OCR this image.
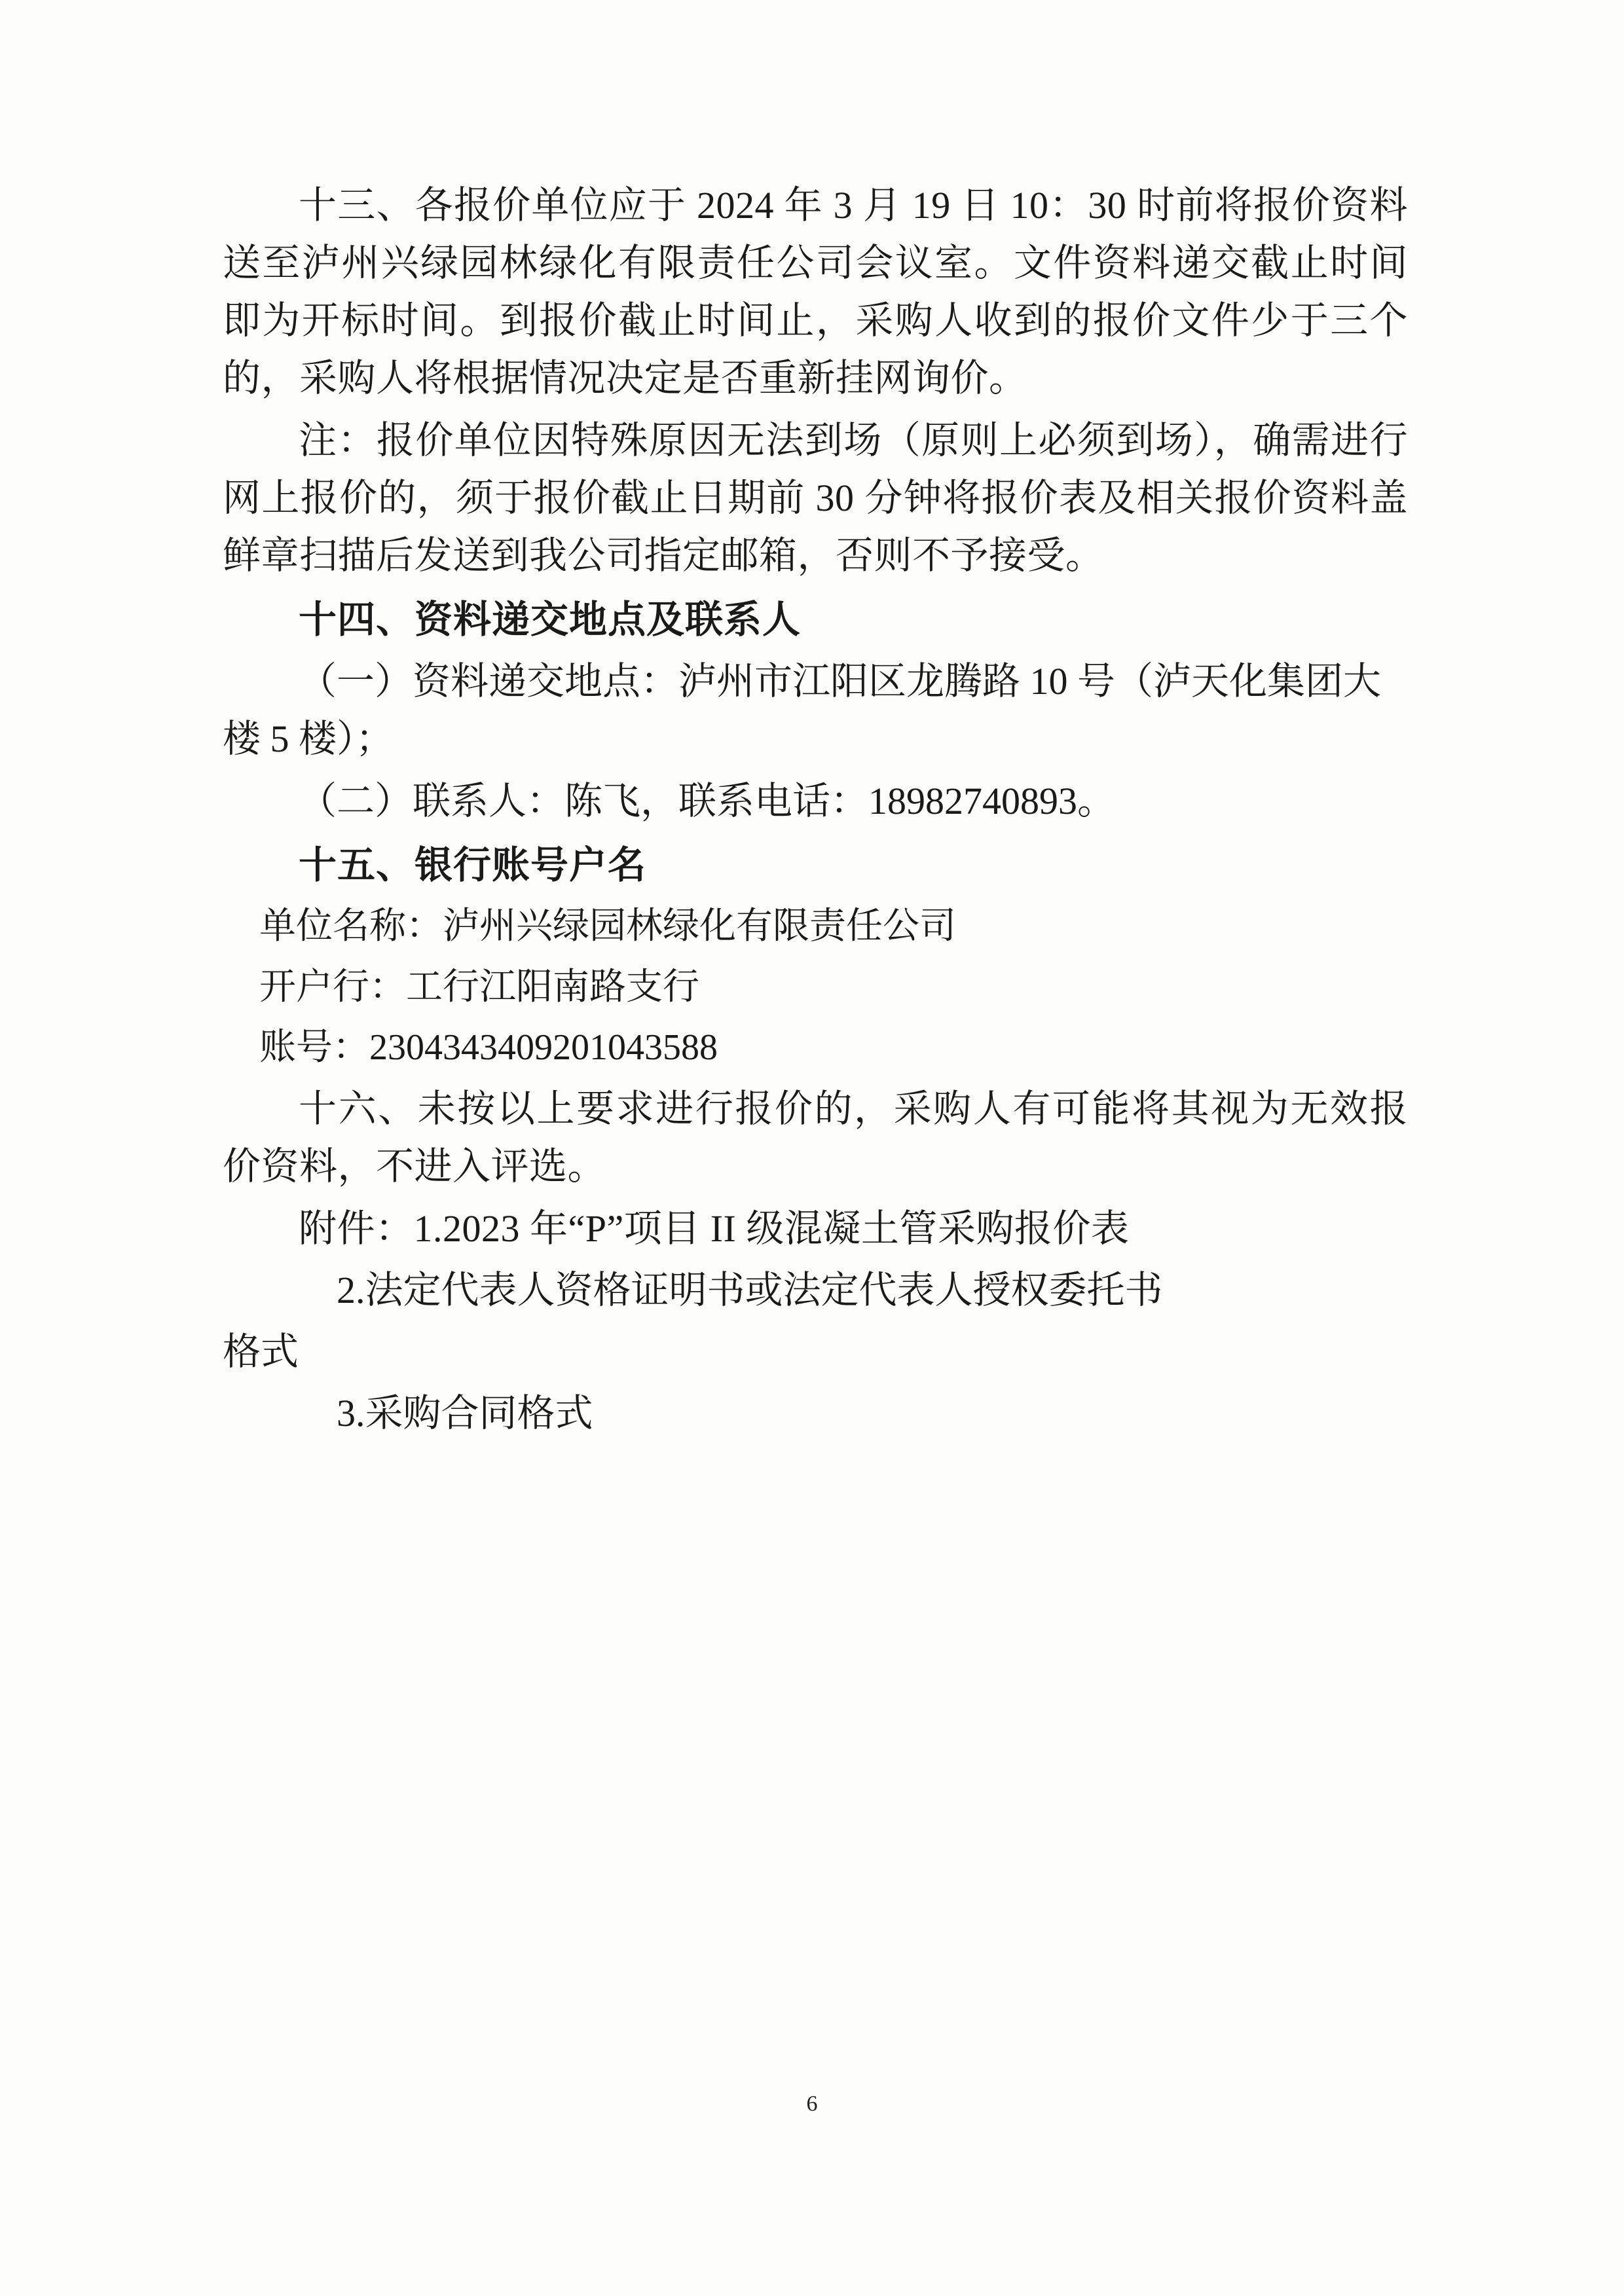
十三、各报价单位应于 2024 年 3 月 19 日 10：30 时前将报价资料送至泸州兴绿园林绿化有限责任公司会议室。文件资料递交截止时间即为开标时间。到报价截止时间止，采购人收到的报价文件少于三个的，采购人将根据情况决定是否重新挂网询价。

注：报价单位因特殊原因无法到场（原则上必须到场），确需进行网上报价的，须于报价截止日期前 30 分钟将报价表及相关报价资料盖鲜章扫描后发送到我公司指定邮箱，否则不予接受。

十四、资料递交地点及联系人

（一）资料递交地点：泸州市江阳区龙腾路 10 号（泸天化集团大楼 5 楼）；

（二）联系人：陈飞，联系电话：18982740893。

十五、银行账号户名

单位名称：泸州兴绿园林绿化有限责任公司

开户行：工行江阳南路支行

账号：2304343409201043588

十六、未按以上要求进行报价的，采购人有可能将其视为无效报价资料，不进入评选。

附件：1.2023 年“P”项目 II 级混凝土管采购报价表

2.法定代表人资格证明书或法定代表人授权委托书

格式

3.采购合同格式

6
